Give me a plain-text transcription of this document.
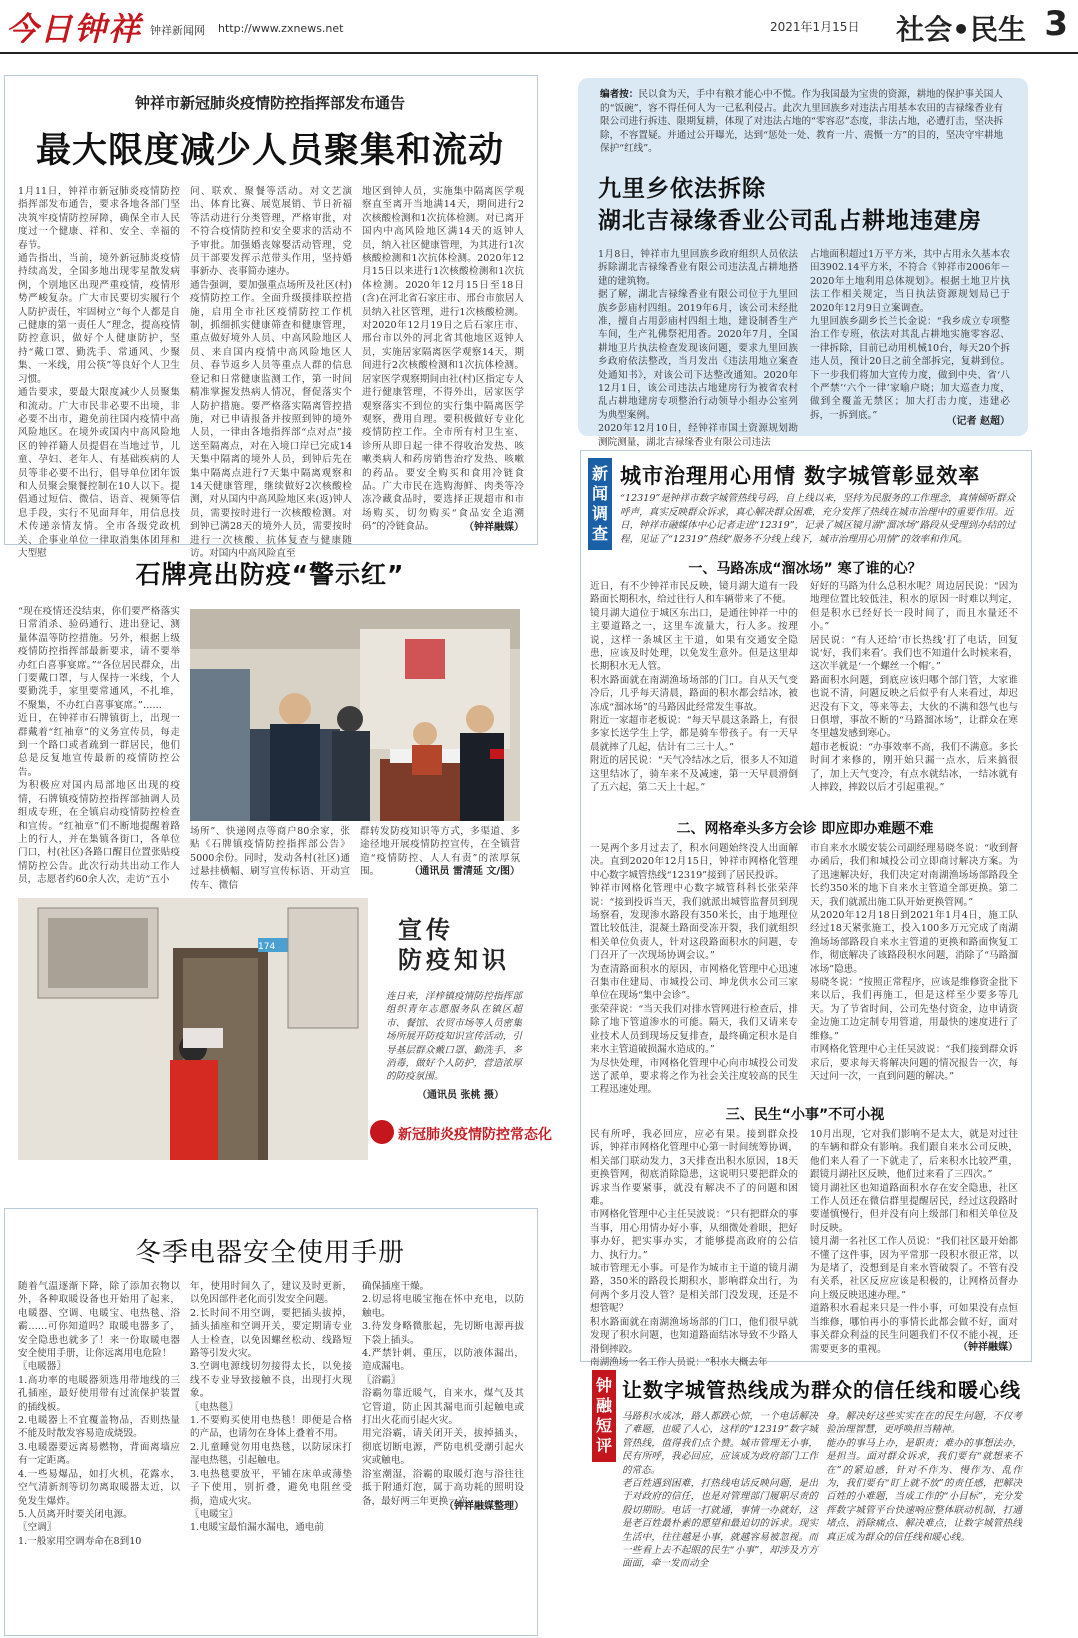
今日钟祥 钟祥新闻网 http://www.zxnews.net	2021年1月15日 社会•民生 3
钟祥市新冠肺炎疫情防控指挥部发布通告
最大限度减少人员聚集和流动
1月11日，钟祥市新冠肺炎疫情防控指挥部发布通告，要求各地各部门坚决筑牢疫情防控屏障，确保全市人民度过一个健康、祥和、安全、幸福的春节。
通告指出，当前，境外新冠肺炎疫情持续高发，全国多地出现零星散发病例，个别地区出现严重疫情，疫情形势严峻复杂。广大市民要切实履行个人防护责任，牢固树立“每个人都是自己健康的第一责任人”理念，提高疫情防控意识，做好个人健康防护，坚持“戴口罩、勤洗手、常通风、少聚集、一米线，用公筷”等良好个人卫生习惯。
通告要求，要最大限度减少人员聚集和流动。广大市民非必要不出境，非必要不出市，避免前往国内疫情中高风险地区。在境外或国内中高风险地区的钟祥籍人员提倡在当地过节，儿童、孕妇、老年人、有基础疾病的人员等非必要不出行，倡导单位团年饭和人员聚会聚餐控制在10人以下。提倡通过短信、微信、语音、视频等信息手段，实行不见面拜年，用信息技术传递亲情友情。全市各级党政机关、企事业单位一律取消集体团拜和大型慰
问、联欢、聚餐等活动。对文艺演出、体育比赛、展览展销、节日祈福等活动进行分类管理，严格审批，对不符合疫情防控和安全要求的活动不予审批。加强婚丧嫁娶活动管理，党员干部要发挥示范带头作用，坚持婚事新办、丧事简办速办。
通告强调，要加强重点场所及社区(村)疫情防控工作。全面升级摸排联控措施，启用全市社区疫情防控工作机制，抓细抓实健康筛查和健康管理，重点做好境外人员、中高风险地区人员、来自国内疫情中高风险地区人员、春节返乡人员等重点人群的信息登记和日常健康监测工作，第一时间精准掌握发热病人情况，督促落实个人防护措施。要严格落实隔离管控措施，对已申请报备并按照到钟的境外人员，一律由各地指挥部“点对点”接送至隔离点，对在入境口岸已完成14天集中隔离的境外人员，到钟后先在集中隔离点进行7天集中隔离观察和14天健康管理，继续做好2次核酸检测，对从国内中高风险地区来(返)钟人员，需要按时进行一次核酸检测。对到钟已满28天的境外人员，需要按时进行一次核酸、抗体复查与健康随访。对国内中高风险直至
地区到钟人员，实施集中隔离医学观察直至离开当地满14天，期间进行2次核酸检测和1次抗体检测。对已离开国内中高风险地区满14天的返钟人员，纳入社区健康管理，为其进行1次核酸检测和1次抗体检测。2020年12月15日以来进行1次核酸检测和1次抗体检测。2020年12月15日至18日(含)在河北省石家庄市、邢台市旅居人员纳入社区管理，进行1次核酸检测。对2020年12月19日之后石家庄市、邢台市以外的河北省其他地区返钟人员，实施居家隔离医学观察14天，期间进行2次核酸检测和1次抗体检测。居家医学观察期间由社(村)区指定专人进行健康管理，不得外出，居家医学观察落实不到位的实行集中隔离医学观察，费用自理。要积极做好专业化疫情防控工作。全市所有村卫生室、诊所从即日起一律不得收治发热、咳嗽类病人和药房销售治疗发热、咳嗽的药品。要安全购买和食用冷链食品。广大市民在选购海鲜、肉类等冷冻冷藏食品时，要选择正规超市和市场购买，切勿购买“食品安全追溯码”的冷链食品。	（钟祥融媒）
石牌亮出防疫“警示红”
“现在疫情还没结束，你们要严格落实日常消杀、验码通行、进出登记、测量体温等防控措施。另外，根据上级疫情防控指挥部最新要求，请不要举办红白喜事宴席。”“各位居民群众，出门要戴口罩，与人保持一米线，个人要勤洗手，家里要常通风，不扎堆，不聚集，不办红白喜事宴席。”……
近日，在钟祥市石牌镇街上，出现一群戴着“红袖章”的义务宣传员，每走到一个路口或者疏到一群居民，他们总是反复地宣传最新的疫情防控公告。
为积极应对国内局部地区出现的疫情，石牌镇疫情防控指挥部抽调人员组成专班，在全镇启动疫情防控检查和宣传。“红袖章”们不断地提醒着路上的行人，并在集镇各街口，各单位门口，村(社区)各路口醒目位置张贴疫情防控公告。此次行动共出动工作人员，志愿者约60余人次，走访“五小
场所”、快递网点等商户80余家，张贴《石牌镇疫情防控指挥部公告》5000余份。同时，发动各村(社区)通过悬挂横幅、刷写宣传标语、开动宣传车、微信
群转发防疫知识等方式，多渠道、多途径地开展疫情防控宣传，在全镇营造“疫情防控、人人有责”的浓厚氛围。	（通讯员 雷清延 文/图）
174
宣传
防疫知识
连日来，洋梓镇疫情防控指挥部组织青年志愿服务队在镇区超市、餐馆、农贸市场等人员密集场所展开防疫知识宣传活动，引导基层群众戴口罩、勤洗手、多消毒，做好个人防护，营造浓厚的防疫氛围。
（通讯员 张桃 摄）
新冠肺炎疫情防控常态化
冬季电器安全使用手册
随着气温逐渐下降，除了添加衣物以外，各种取暖设备也开始用了起来，电暖器、空调、电暖宝、电热毯、浴霸……可你知道吗？取暖电器多了，安全隐患也就多了！来一份取暖电器安全使用手册，让你远离用电危险！
〖电暖器〗
1.高功率的电暖器须选用带地线的三孔插座，最好使用带有过流保护装置的插线板。
2.电暖器上不宜覆盖物品，否则热量不能及时散发容易造成烧毁。
3.电暖器要远离易燃物，背面离墙应有一定距离。
4.一些易爆品，如打火机，花露水，空气清新剂等切勿离取暖器太近，以免发生爆炸。
5.人员离开时要关闭电源。
〖空调〗
1.一般家用空调寿命在8到10
年，使用时间久了，建议及时更新，以免因部件老化而引发安全问题。
2.长时间不用空调，要把插头拔掉，插头插座和空调开关，要定期请专业人士检查，以免因螺丝松动、线路短路等引发火灾。
3.空调电源线切勿接得太长，以免接线不专业导致接触不良，出现打火现象。
〖电热毯〗
1.不要购买使用电热毯！即便是合格的产品，也请勿在身体上叠着不用。
2.儿童睡觉勿用电热毯，以防尿床打湿电热毯，引起触电。
3.电热毯要放平，平铺在床单或薄垫子下使用，别折叠，避免电阻丝受损，造成火灾。
〖电暖宝〗
1.电暖宝最怕漏水漏电，通电前
确保插座干燥。
2.切忌将电暖宝拖在怀中充电，以防触电。
3.待发身略微胀起，先切断电源再拔下袋上插头。
4.严禁针刺、重压，以防液体漏出，造成漏电。
〖浴霸〗
浴霸勿靠近暖气，自来水，煤气及其它管道，防止因其漏电而引起触电或打出火花而引起火灾。
用完浴霸，请关闭开关，拔掉插头，彻底切断电源，严防电机受潮引起火灾或触电。
浴室潮湿，浴霸的取暖灯泡与浴往往抵于附通灯泡，属于高功耗的照明设备，最好两三年更换一次。
（钟祥融媒整理）
编者按：民以食为天，手中有粮才能心中不慌。作为我国最为宝贵的资源，耕地的保护事关国人的“饭碗”，容不得任何人为一己私利侵占。此次九里回族乡对违法占用基本农田的吉禄缘香业有限公司进行拆违、限期复耕，体现了对违法占地的“零容忍”态度，非法占地，必遭打击，坚决拆除，不容置疑。并通过公开曝光，达到“惩处一处、教育一片、震慑一方”的目的，坚决守牢耕地保护“红线”。
九里乡依法拆除
湖北吉禄缘香业公司乱占耕地违建房
1月8日，钟祥市九里回族乡政府组织人员依法拆除湖北吉禄缘香业有限公司违法乱占耕地搭建的建筑物。
据了解，湖北吉禄缘香业有限公司位于九里回族乡彭庙村四组。2019年6月，该公司未经批准，擅自占用彭庙村四组土地，建设制香生产车间，生产礼佛祭祀用香。2020年7月，全国耕地卫片执法检查发现该问题，要求九里回族乡政府依法整改，当月发出《违法用地立案查处通知书》，对该公司下达整改通知。2020年12月1日，该公司违法占地建房行为被省农村乱占耕地建房专项整治行动领导小组办公室列为典型案例。
2020年12月10日，经钟祥市国土资源规划勘测院测量，湖北吉禄缘香业有限公司违法
占地面积超过1万平方米，其中占用永久基本农田3902.14平方米，不符合《钟祥市2006年－2020年土地利用总体规划》。根据土地卫片执法工作相关规定，当日执法资源规划局已于2020年12月9日立案调查。
九里回族乡副乡长兰长金说：“我乡成立专项整治工作专班，依法对其乱占耕地实施零容忍、一律拆除，目前已动用机械10台，每天20个拆违人员，预计20日之前全部拆完，复耕到位。下一步我们将加大宣传力度，做到中央、省‘八个严禁’‘六个一律’家喻户晓；加大巡查力度，做到全覆盖无禁区；加大打击力度，违建必拆，一拆到底。”
（记者 赵超）
新闻调查
城市治理用心用情 数字城管彰显效率
“12319”是钟祥市数字城管热线号码，自上线以来，坚持为民服务的工作理念，真情倾听群众呼声，真实反映群众诉求，真心解决群众困难，充分发挥了热线在城市治理中的重要作用。近日，钟祥市融媒体中心记者走进“12319”，记录了城区镜月湖“溜冰场”路段从受理到办结的过程，见证了“12319”热线“服务不分线上线下，城市治理用心用情”的效率和作风。
一、马路冻成“溜冰场” 寒了谁的心？
近日，有不少钟祥市民反映，镜月湖大道有一段路面长期积水，给过往行人和车辆带来了不便。
镜月湖大道位于城区东出口，是通往钟祥一中的主要道路之一，这里车流量大，行人多。按理说，这样一条城区主干道，如果有交通安全隐患，应该及时处理，以免发生意外。但是这里却长期积水无人管。
积水路面就在南湖渔场场部的门口。自从天气变冷后，几乎每天清晨，路面的积水都会结冰，被冻成“溜冰场”的马路因此经常发生事故。
附近一家超市老板说：“每天早晨这条路上，有很多家长送学生上学，都是骑车带孩子。有一天早晨就摔了几起，估计有二三十人。”
附近的居民说：“天气冷结冰之后，很多人不知道这里结冰了，骑车来不及减速，第一天早晨滑倒了五六起，第二天上十起。”
好好的马路为什么总积水呢？周边居民说：“因为地理位置比较低洼，积水的原因一时难以判定，但是积水已经好长一段时间了，而且水量还不小。”
居民说：“有人还给‘市长热线’打了电话，回复说‘好，我们来看’。我们也不知道什么时候来看，这次半就是‘一个螺丝一个帽’。”
路面积水问题，到底应该归哪个部门管，大家谁也说不清，问题反映之后似乎有人来看过，却迟迟没有下文，等来等去，大伙的不满和怨气也与日俱增，事故不断的“马路溜冰场”，让群众在寒冬里越发感到寒心。
超市老板说：“办事效率不高，我们不满意。多长时间才来修的，刚开始只漏一点水，后来搞很了，加上天气变冷，有点水就结冰，一结冰就有人摔跤，摔跤以后才引起重视。”
二、网格牵头多方会诊 即应即办难题不难
一晃两个多月过去了，积水问题始终没人出面解决。直到2020年12月15日，钟祥市网格化管理中心数字城管热线“12319”接到了居民投诉。
钟祥市网格化管理中心数字城管科科长张荣萍说：“接到投诉当天，我们就派出城管监督员到现场察看，发现渗水路段有350米长，由于地理位置比较低洼，混凝土路面受冻开裂，我们就组织相关单位负责人，针对这段路面积水的问题，专门召开了一次现场协调会议。”
为查清路面积水的原因，市网格化管理中心迅速召集市住建局、市城投公司、坤龙供水公司三家单位在现场“集中会诊”。
张荣萍说：“当天我们对排水管网进行检查后，排除了地下管道渗水的可能。隔天，我们又请来专业技术人员到现场反复排查，最终确定积水是自来水主管道破损漏水造成的。”
为尽快处理，市网格化管理中心向市城投公司发送了派单，要求将之作为社会关注度较高的民生工程迅速处理。
市自来水水暖安装公司副经理易晓冬说：“收到督办函后，我们和城投公司立即商讨解决方案。为了迅速解决好，我们决定对南湖渔场场部路段全长约350米的地下自来水主管道全部更换。第二天，我们就派出施工队开始更换管网。”
从2020年12月18日到2021年1月4日，施工队经过18天紧张施工，投入100多万元完成了南湖渔场场部路段自来水主管道的更换和路面恢复工作，彻底解决了该路段积水问题，消除了“马路溜冰场”隐患。
易晓冬说：“按照正常程序，应该是维修资金批下来以后，我们再施工，但是这样至少要多等几天。为了节省时间，公司先垫付资金，边申请资金边施工边定制专用管道，用最快的速度进行了维修。”
市网格化管理中心主任吴波说：“我们接到群众诉求后，要求每天将解决问题的情况报告一次，每天过问一次，一直到问题的解决。”
三、民生“小事”不可小视
民有所呼，我必回应，应必有果。接到群众投诉，钟祥市网格化管理中心第一时间统筹协调，相关部门联动发力，3天排查出积水原因，18天更换管网，彻底消除隐患，这说明只要把群众的诉求当作要紧事，就没有解决不了的问题和困难。
市网格化管理中心主任吴波说：“只有把群众的事当事，用心用情办好小事，从细微处着眼，把好事办好，把实事办实，才能够提高政府的公信力、执行力。”
城市管理无小事。可是作为城市主干道的镜月湖路，350米的路段长期积水，影响群众出行，为何两个多月没人管？是相关部门没发现，还是不想管呢？
积水路面就在南湖渔场场部的门口，他们很早就发现了积水问题，也知道路面结冰导致不少路人滑倒摔跤。
南湖渔场一名工作人员说：“积水大概去年
10月出现，它对我们影响不是太大，就是对过往的车辆和群众有影响。我们跟自来水公司反映，他们来人看了一下就走了，后来积水比较严重，跟镜月湖社区反映，他们过来看了三四次。”
镜月湖社区也知道路面积水存在安全隐患，社区工作人员还在微信群里提醒居民，经过这段路时要谨慎慢行，但并没有向上级部门和相关单位及时反映。
镜月湖一名社区工作人员说：“我们社区最开始都不懂了这件事，因为平常那一段积水很正常，以为是堵了，没想到是自来水管破裂了。不管有没有关系，社区反应应该是积极的，让网格员督办向上级反映迅速办理。”
道路积水看起来只是一件小事，可如果没有点恒当维修，哪怕再小的事情长此都会做不好，面对事关群众利益的民生问题我们不仅不能小视，还需要更多的重视。	（钟祥融媒）
钟融短评
让数字城管热线成为群众的信任线和暖心线
马路积水成冰，路人都跌心惊，一个电话解决了难题，也暖了人心，这样的“12319”数字城管热线，值得我们点个赞。城市管理无小事，民有所呼，我必回应，应该成为政府部门工作的常态。
老百姓遇到困难，打热线电话反映问题，是出于对政府的信任，也是对管理部门履职尽责的殷切期盼。电话一打就通，事情一办就好，这是老百姓最朴素的愿望和最迫切的诉求。现实生活中，往往越是小事，就越容易被忽视。而一些看上去不起眼的民生“小事”，却涉及方方面面，牵一发而动全
身。解决好这些实实在在的民生问题，不仅考验治理智慧，更呼唤担当精神。
能办的事马上办，是职责；难办的事想法办，是担当。面对群众诉求，我们要有“就想来不在”的紧迫感，针对不作为、慢作为、乱作为，我们要有“盯上就不放”的责任感，把解决百姓的小难题，当成工作的“小目标”，充分发挥数字城管平台快速响应整体联动机制，打通堵点、消除痛点、解决难点，让数字城管热线真正成为群众的信任线和暖心线。
